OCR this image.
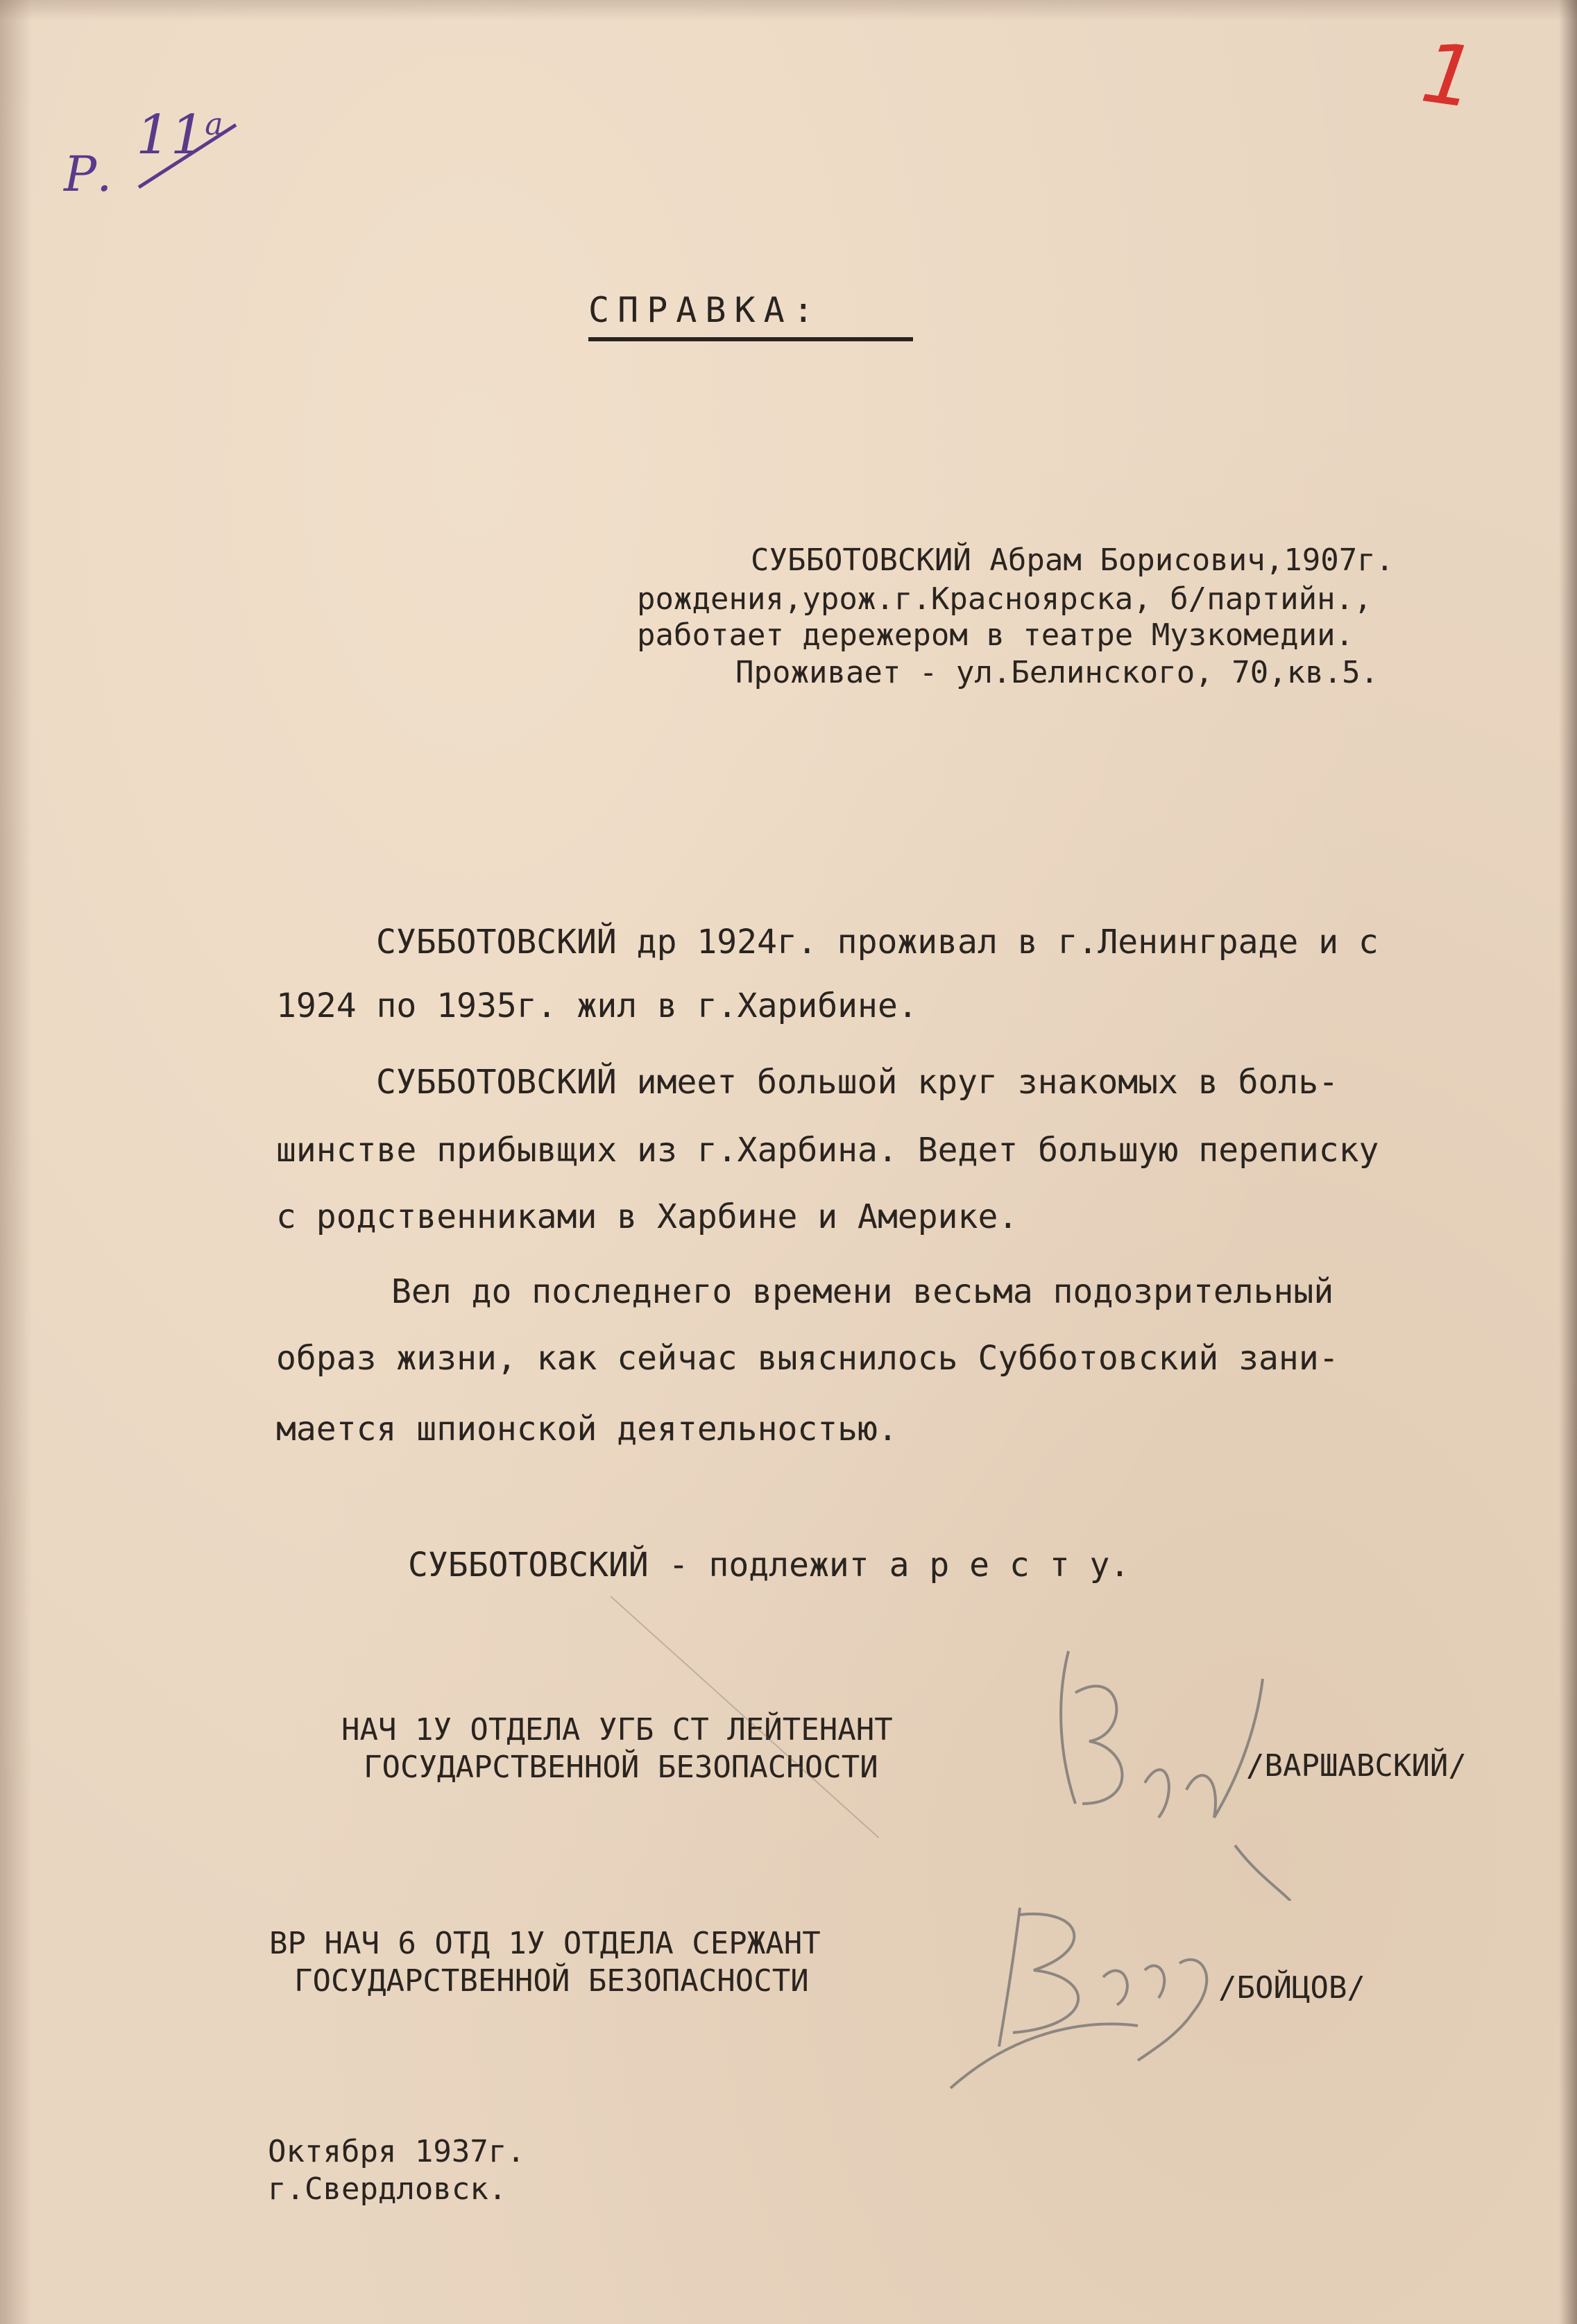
Р.
11$^a$	1
СПРАВКА:
СУББОТОВСКИЙ Абрам Борисович,1907г.
рождения,урож.г.Красноярска, б/партийн.,
работает дережером в театре Музкомедии.
Проживает - ул.Белинского, 70,кв.5.
СУББОТОВСКИЙ др 1924г. проживал в г.Ленинграде и с
1924 по 1935г. жил в г.Харибине.
СУББОТОВСКИЙ имеет большой круг знакомых в боль-
шинстве прибывщих из г.Харбина. Ведет большую переписку
с родственниками в Харбине и Америке.
Вел до последнего времени весьма подозрительный
образ жизни, как сейчас выяснилось Субботовский зани-
мается шпионской деятельностью.
СУББОТОВСКИЙ - подлежит а р е с т у.
НАЧ 1У ОТДЕЛА УГБ СТ ЛЕЙТЕНАНТ
ГОСУДАРСТВЕННОЙ БЕЗОПАСНОСТИ	/ВАРШАВСКИЙ/
ВР НАЧ 6 ОТД 1У ОТДЕЛА СЕРЖАНТ
ГОСУДАРСТВЕННОЙ БЕЗОПАСНОСТИ	/БОЙЦОВ/
Октября 1937г.
г.Свердловск.
